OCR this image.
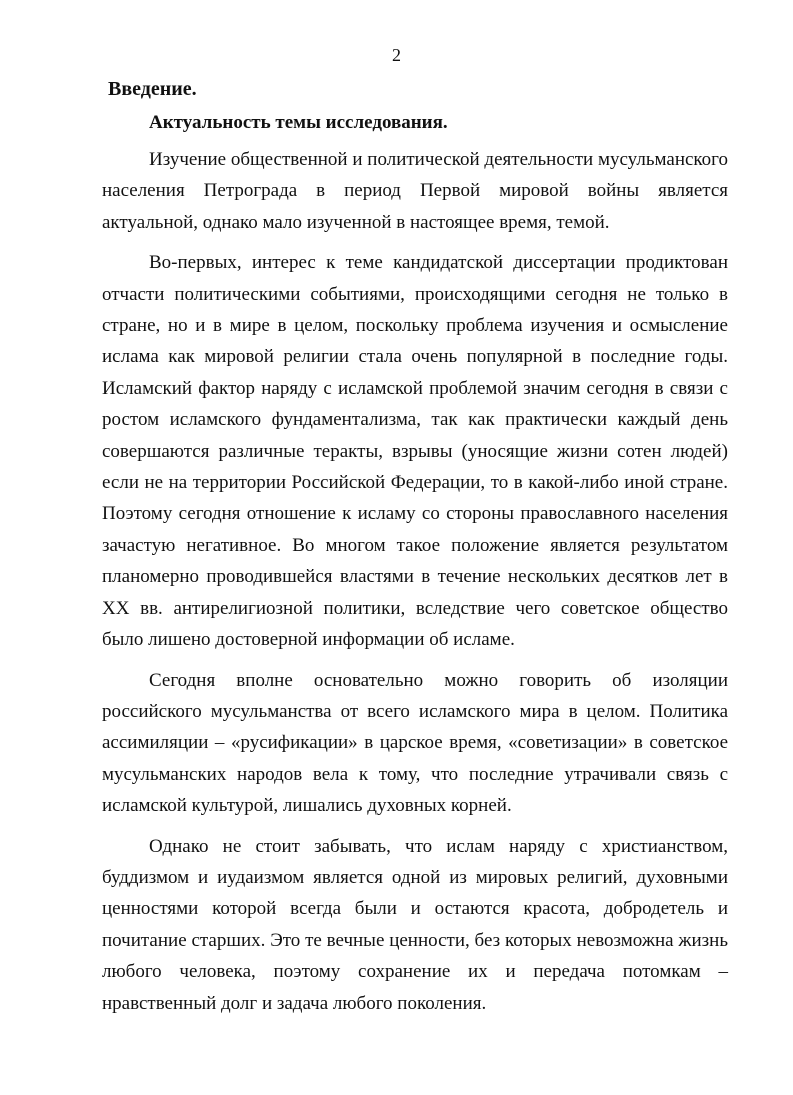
2
Введение.
Актуальность темы исследования.

Изучение общественной и политической деятельности мусульманского населения Петрограда в период Первой мировой войны является актуальной, однако мало изученной в настоящее время, темой.

Во-первых, интерес к теме кандидатской диссертации продиктован отчасти политическими событиями, происходящими сегодня не только в стране, но и в мире в целом, поскольку проблема изучения и осмысление ислама как мировой религии стала очень популярной в последние годы. Исламский фактор наряду с исламской проблемой значим сегодня в связи с ростом исламского фундаментализма, так как практически каждый день совершаются различные теракты, взрывы (уносящие жизни сотен людей) если не на территории Российской Федерации, то в какой-либо иной стране. Поэтому сегодня отношение к исламу со стороны православного населения зачастую негативное. Во многом такое положение является результатом планомерно проводившейся властями в течение нескольких десятков лет в XX вв. антирелигиозной политики, вследствие чего советское общество было лишено достоверной информации об исламе.

Сегодня вполне основательно можно говорить об изоляции российского мусульманства от всего исламского мира в целом. Политика ассимиляции – «русификации» в царское время, «советизации» в советское мусульманских народов вела к тому, что последние утрачивали связь с исламской культурой, лишались духовных корней.

Однако не стоит забывать, что ислам наряду с христианством, буддизмом и иудаизмом является одной из мировых религий, духовными ценностями которой всегда были и остаются красота, добродетель и почитание старших. Это те вечные ценности, без которых невозможна жизнь любого человека, поэтому сохранение их и передача потомкам – нравственный долг и задача любого поколения.
